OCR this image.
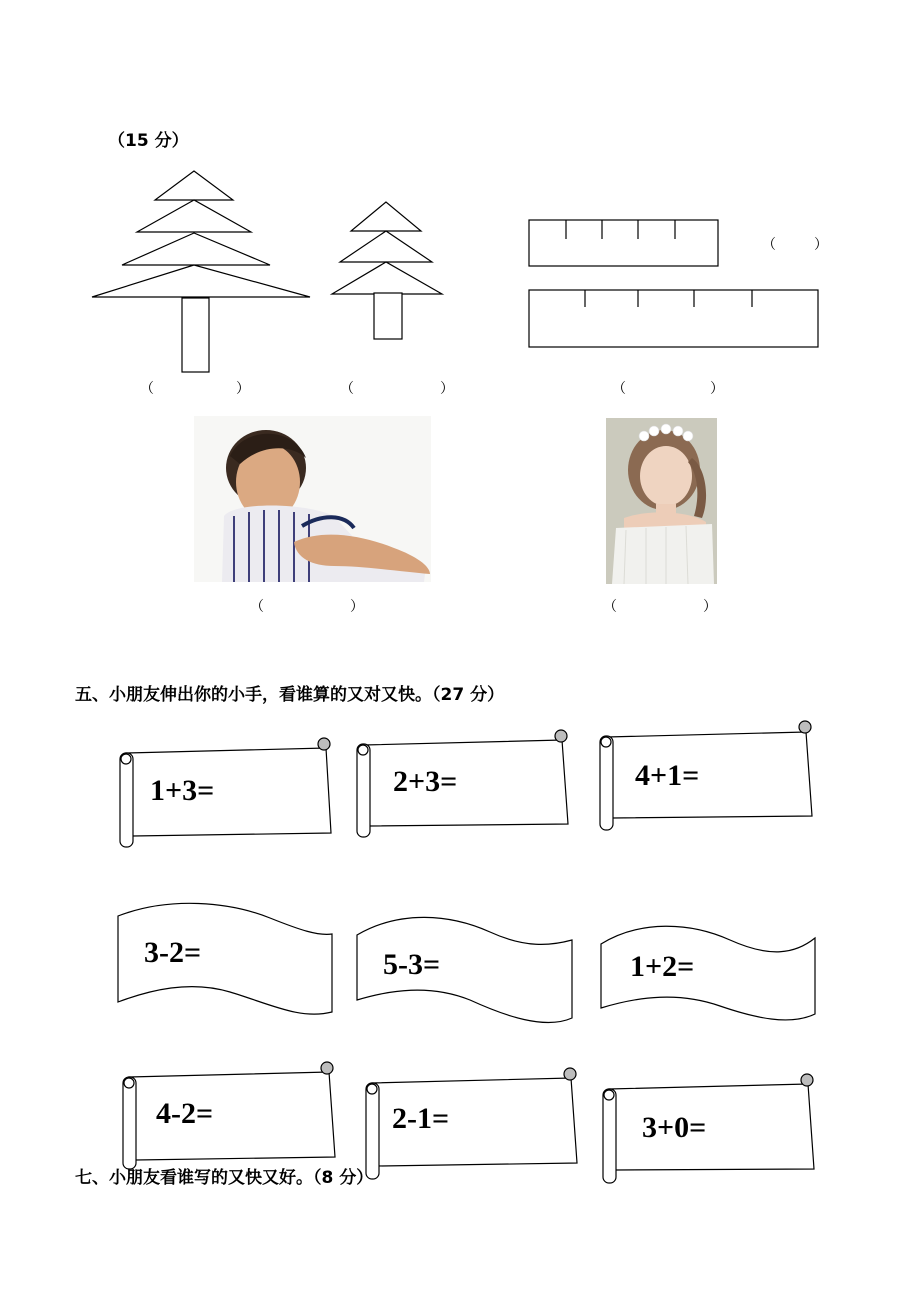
（15 分）
（	）	（	）	（	）
（	）
（	）	（	）
五、小朋友伸出你的小手，看谁算的又对又快。（27 分）
1+3=	2+3=	4+1=
3-2=	5-3=	1+2=
4-2=	2-1=	3+0=
七、小朋友看谁写的又快又好。（8 分）
